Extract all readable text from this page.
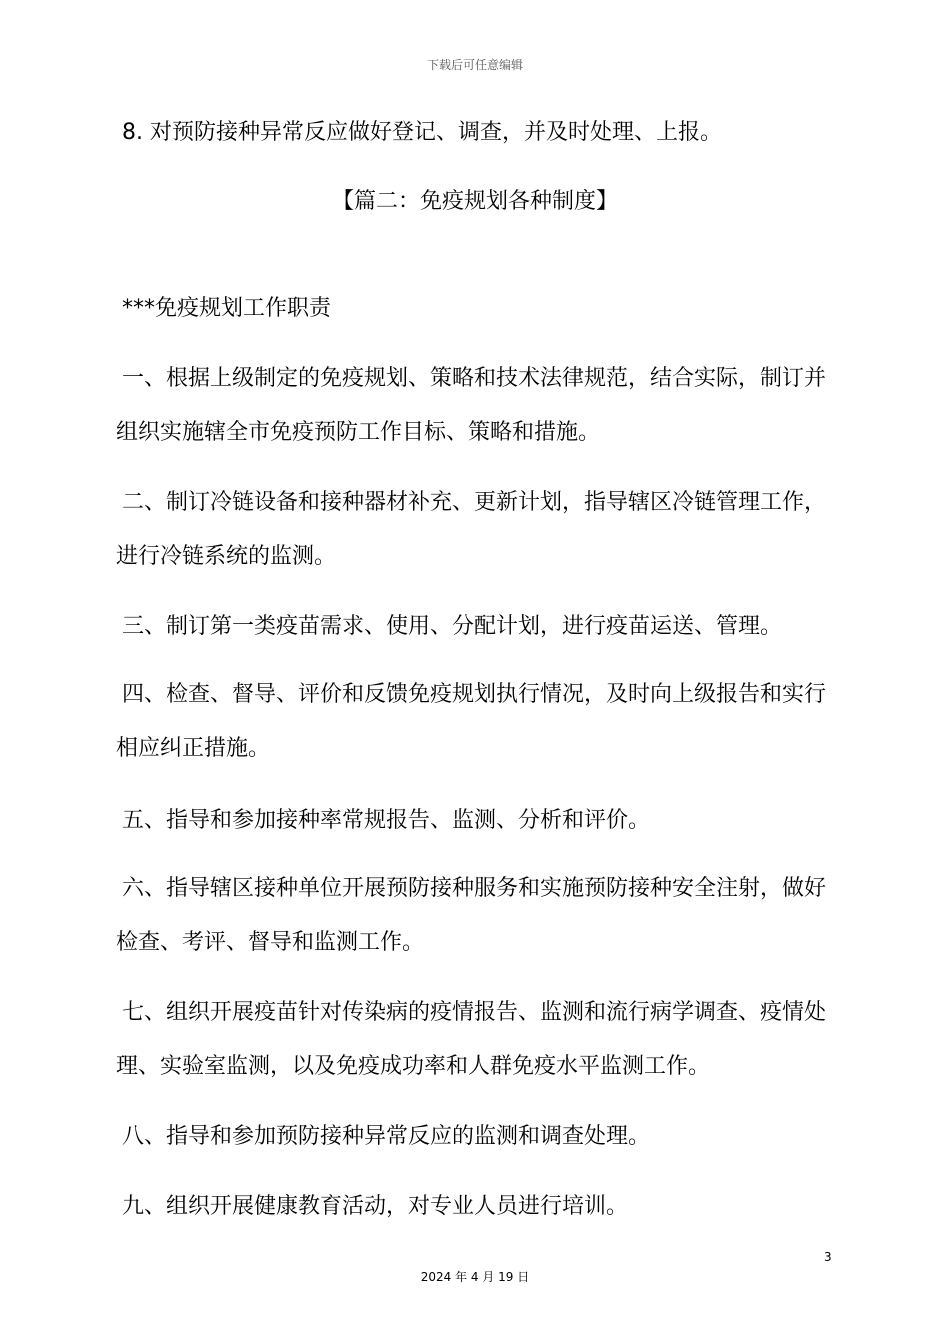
下载后可任意编辑
8. 对预防接种异常反应做好登记、调查，并及时处理、上报。
【篇二：免疫规划各种制度】
***免疫规划工作职责
一、根据上级制定的免疫规划、策略和技术法律规范，结合实际，制订并组织实施辖全市免疫预防工作目标、策略和措施。
二、制订冷链设备和接种器材补充、更新计划，指导辖区冷链管理工作，进行冷链系统的监测。
三、制订第一类疫苗需求、使用、分配计划，进行疫苗运送、管理。
四、检查、督导、评价和反馈免疫规划执行情况，及时向上级报告和实行相应纠正措施。
五、指导和参加接种率常规报告、监测、分析和评价。
六、指导辖区接种单位开展预防接种服务和实施预防接种安全注射，做好检查、考评、督导和监测工作。
七、组织开展疫苗针对传染病的疫情报告、监测和流行病学调查、疫情处理、实验室监测，以及免疫成功率和人群免疫水平监测工作。
八、指导和参加预防接种异常反应的监测和调查处理。
九、组织开展健康教育活动，对专业人员进行培训。
3
2024 年 4 月 19 日
